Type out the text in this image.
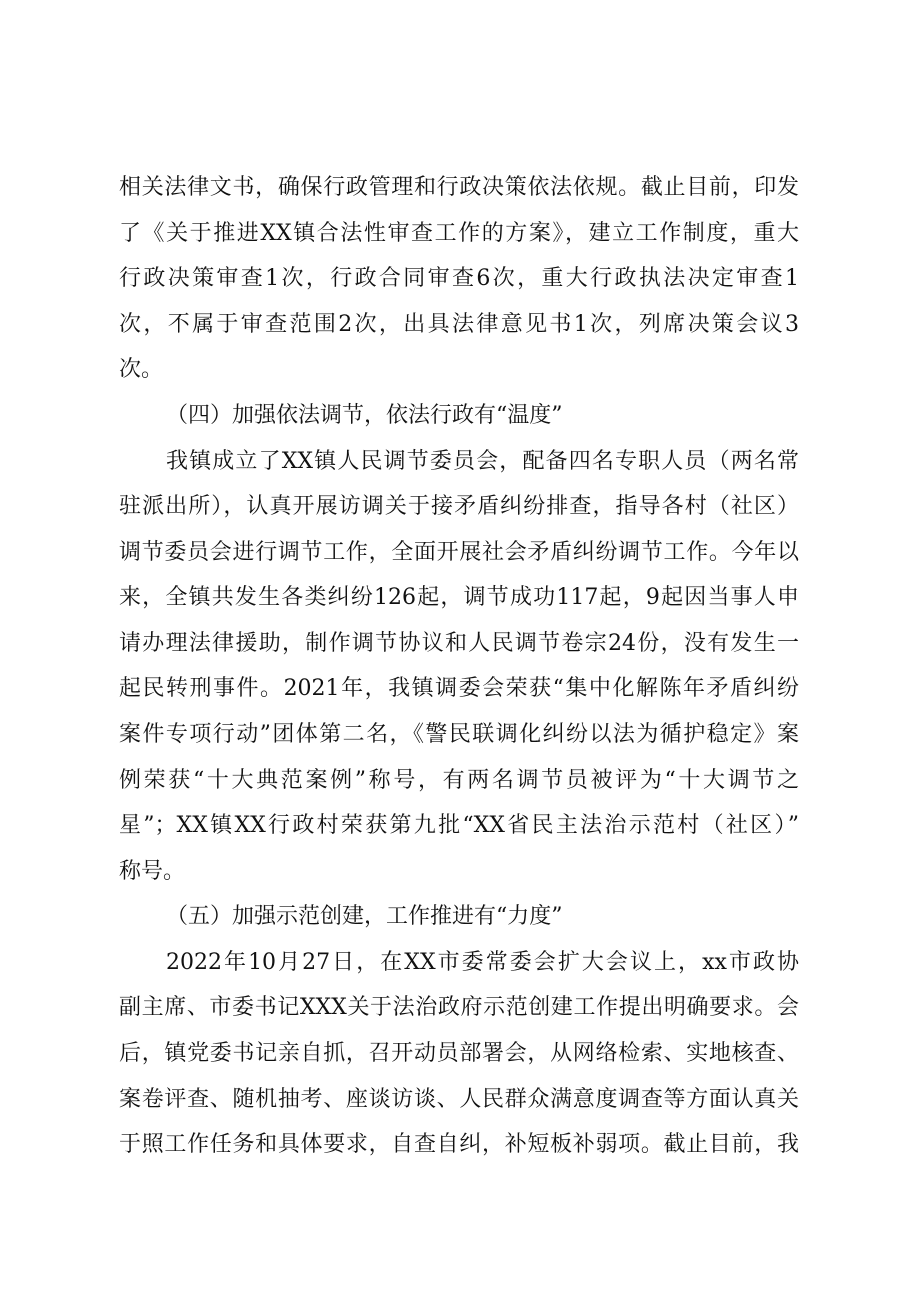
相关法律文书，确保行政管理和行政决策依法依规。截止目前，印发
了《关于推进XX镇合法性审查工作的方案》，建立工作制度，重大
行政决策审查1次，行政合同审查6次，重大行政执法决定审查1
次，不属于审查范围2次，出具法律意见书1次，列席决策会议3
次。
（四）加强依法调节，依法行政有“温度”
我镇成立了XX镇人民调节委员会，配备四名专职人员（两名常
驻派出所），认真开展访调关于接矛盾纠纷排查，指导各村（社区）
调节委员会进行调节工作，全面开展社会矛盾纠纷调节工作。今年以
来，全镇共发生各类纠纷126起，调节成功117起，9起因当事人申
请办理法律援助，制作调节协议和人民调节卷宗24份，没有发生一
起民转刑事件。2021年，我镇调委会荣获“集中化解陈年矛盾纠纷
案件专项行动”团体第二名，《警民联调化纠纷以法为循护稳定》案
例荣获“十大典范案例”称号，有两名调节员被评为“十大调节之
星”；XX镇XX行政村荣获第九批“XX省民主法治示范村（社区）”
称号。
（五）加强示范创建，工作推进有“力度”
2022年10月27日，在XX市委常委会扩大会议上，xx市政协
副主席、市委书记XXX关于法治政府示范创建工作提出明确要求。会
后，镇党委书记亲自抓，召开动员部署会，从网络检索、实地核查、
案卷评查、随机抽考、座谈访谈、人民群众满意度调查等方面认真关
于照工作任务和具体要求，自查自纠，补短板补弱项。截止目前，我
